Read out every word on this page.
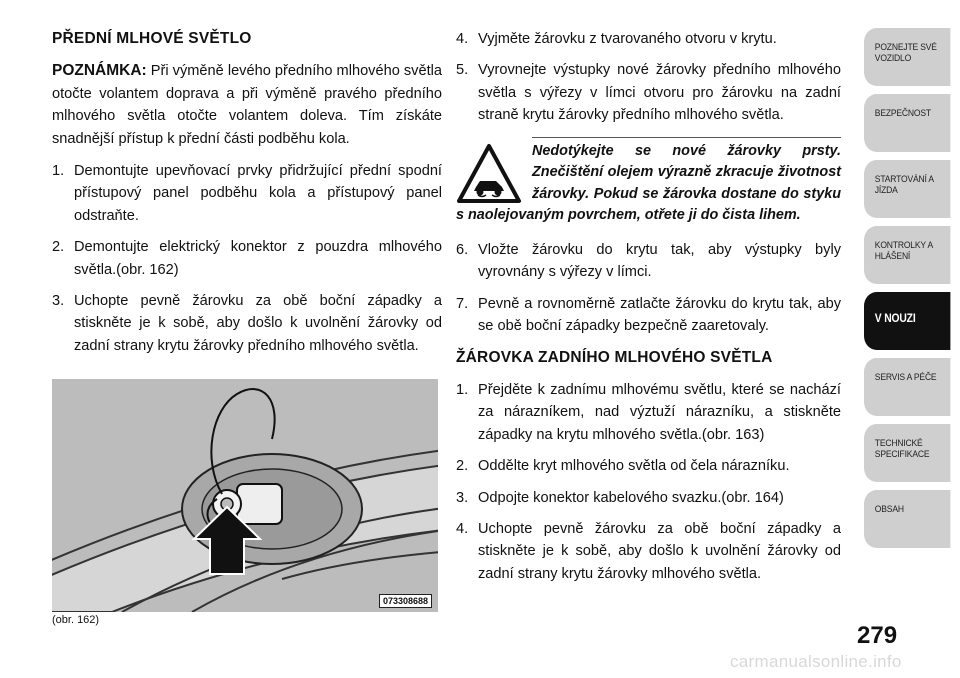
PŘEDNÍ MLHOVÉ SVĚTLO

POZNÁMKA: Při výměně levého předního mlhového světla otočte volantem doprava a při výměně pravého předního mlhového světla otočte volantem doleva. Tím získáte snadnější přístup k přední části podběhu kola.

1. Demontujte upevňovací prvky přidržující přední spodní přístupový panel podběhu kola a přístupový panel odstraňte.
2. Demontujte elektrický konektor z pouzdra mlhového světla.(obr. 162)
3. Uchopte pevně žárovku za obě boční západky a stiskněte je k sobě, aby došlo k uvolnění žárovky od zadní strany krytu žárovky předního mlhového světla.
073308688
(obr. 162)
4. Vyjměte žárovku z tvarovaného otvoru v krytu.
5. Vyrovnejte výstupky nové žárovky předního mlhového světla s výřezy v límci otvoru pro žárovku na zadní straně krytu žárovky předního mlhového světla.
Nedotýkejte se nové žárovky prsty. Znečištění olejem výrazně zkracuje životnost žárovky. Pokud se žárovka dostane do styku s naolejovaným povrchem, otřete ji do čista lihem.
6. Vložte žárovku do krytu tak, aby výstupky byly vyrovnány s výřezy v límci.
7. Pevně a rovnoměrně zatlačte žárovku do krytu tak, aby se obě boční západky bezpečně zaaretovaly.
ŽÁROVKA ZADNÍHO MLHOVÉHO SVĚTLA
1. Přejděte k zadnímu mlhovému světlu, které se nachází za nárazníkem, nad výztuží nárazníku, a stiskněte západky na krytu mlhového světla.(obr. 163)
2. Oddělte kryt mlhového světla od čela nárazníku.
3. Odpojte konektor kabelového svazku.(obr. 164)
4. Uchopte pevně žárovku za obě boční západky a stiskněte je k sobě, aby došlo k uvolnění žárovky od zadní strany krytu žárovky mlhového světla.
POZNEJTE SVÉ VOZIDLO
BEZPEČNOST
STARTOVÁNÍ A JÍZDA
KONTROLKY A HLÁŠENÍ
V NOUZI
SERVIS A PÉČE
TECHNICKÉ SPECIFIKACE
OBSAH
279
carmanualsonline.info
